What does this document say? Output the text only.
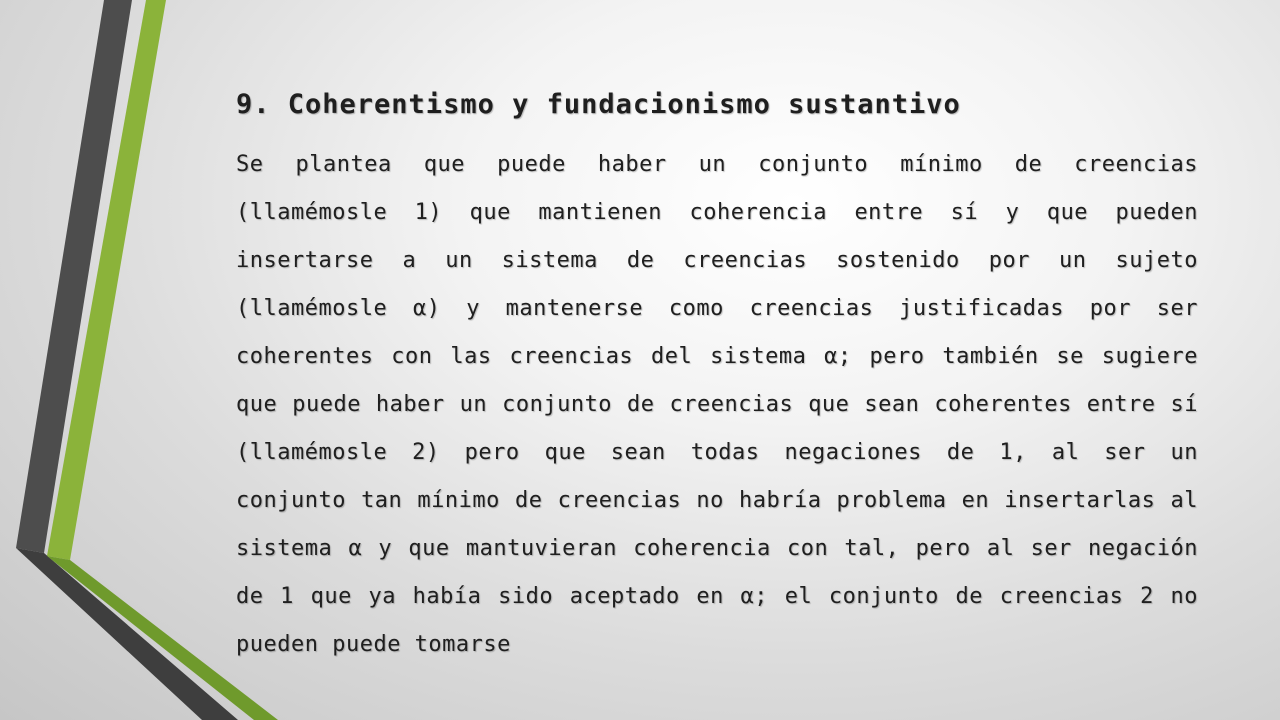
9. Coherentismo y fundacionismo sustantivo

Se plantea que puede haber un conjunto mínimo de creencias (llamémosle 1) que mantienen coherencia entre sí y que pueden insertarse a un sistema de creencias sostenido por un sujeto (llamémosle α) y mantenerse como creencias justificadas por ser coherentes con las creencias del sistema α; pero también se sugiere que puede haber un conjunto de creencias que sean coherentes entre sí (llamémosle 2) pero que sean todas negaciones de 1, al ser un conjunto tan mínimo de creencias no habría problema en insertarlas al sistema α y que mantuvieran coherencia con tal, pero al ser negación de 1 que ya había sido aceptado en α; el conjunto de creencias 2 no pueden puede tomarse
